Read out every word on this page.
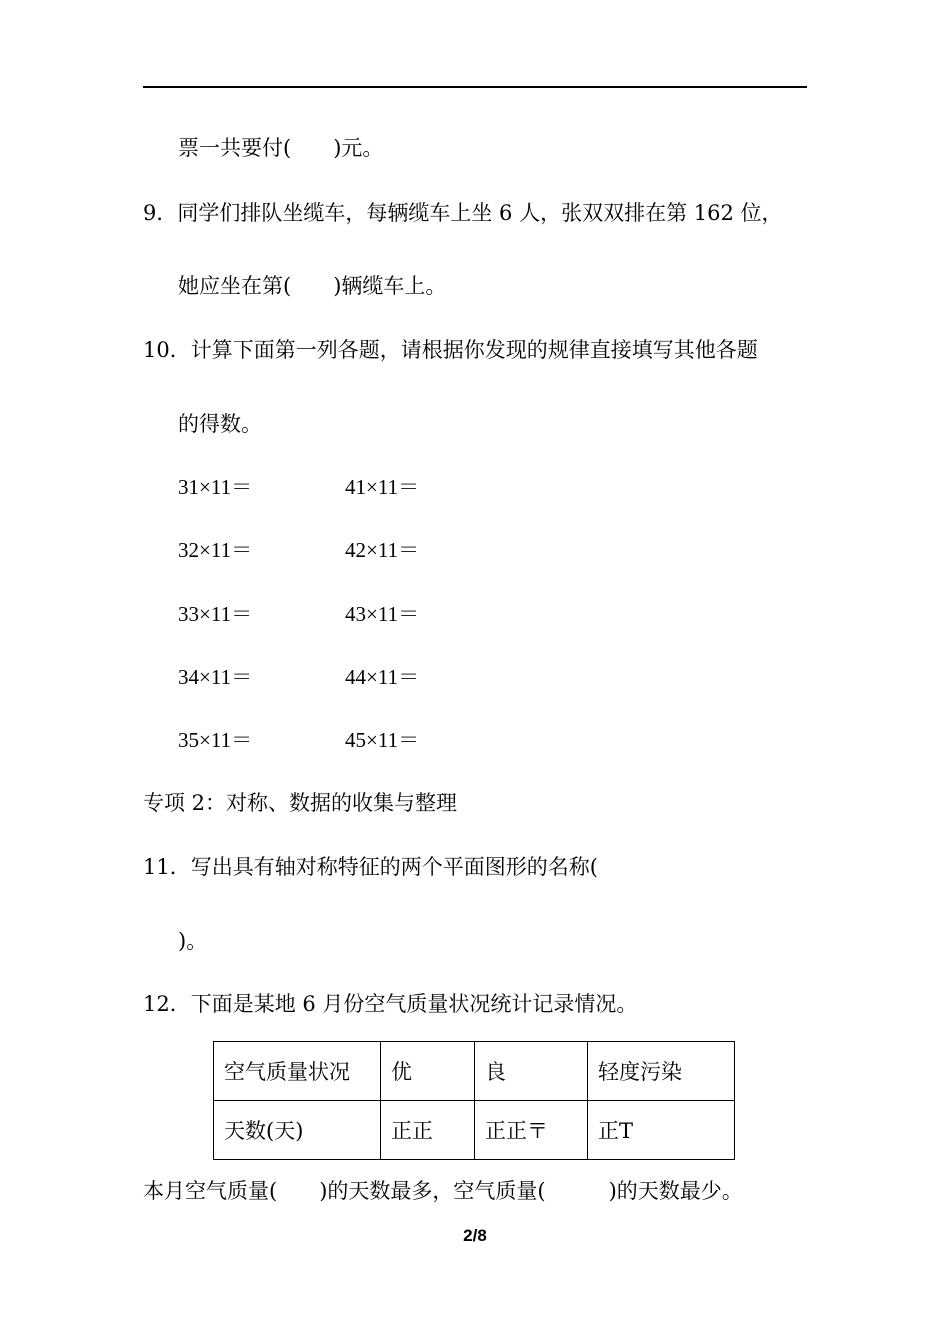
票一共要付(　　)元。
9．同学们排队坐缆车，每辆缆车上坐 6 人，张双双排在第 162 位，
她应坐在第(　　)辆缆车上。
10．计算下面第一列各题，请根据你发现的规律直接填写其他各题
的得数。
31×11＝	41×11＝
32×11＝	42×11＝
33×11＝	43×11＝
34×11＝	44×11＝
35×11＝	45×11＝
专项 2：对称、数据的收集与整理
11．写出具有轴对称特征的两个平面图形的名称(
)。
12．下面是某地 6 月份空气质量状况统计记录情况。
空气质量状况	优	良	轻度污染
天数(天)	正正	正正〒	正T
本月空气质量(　　)的天数最多，空气质量(　　　)的天数最少。
2/8
